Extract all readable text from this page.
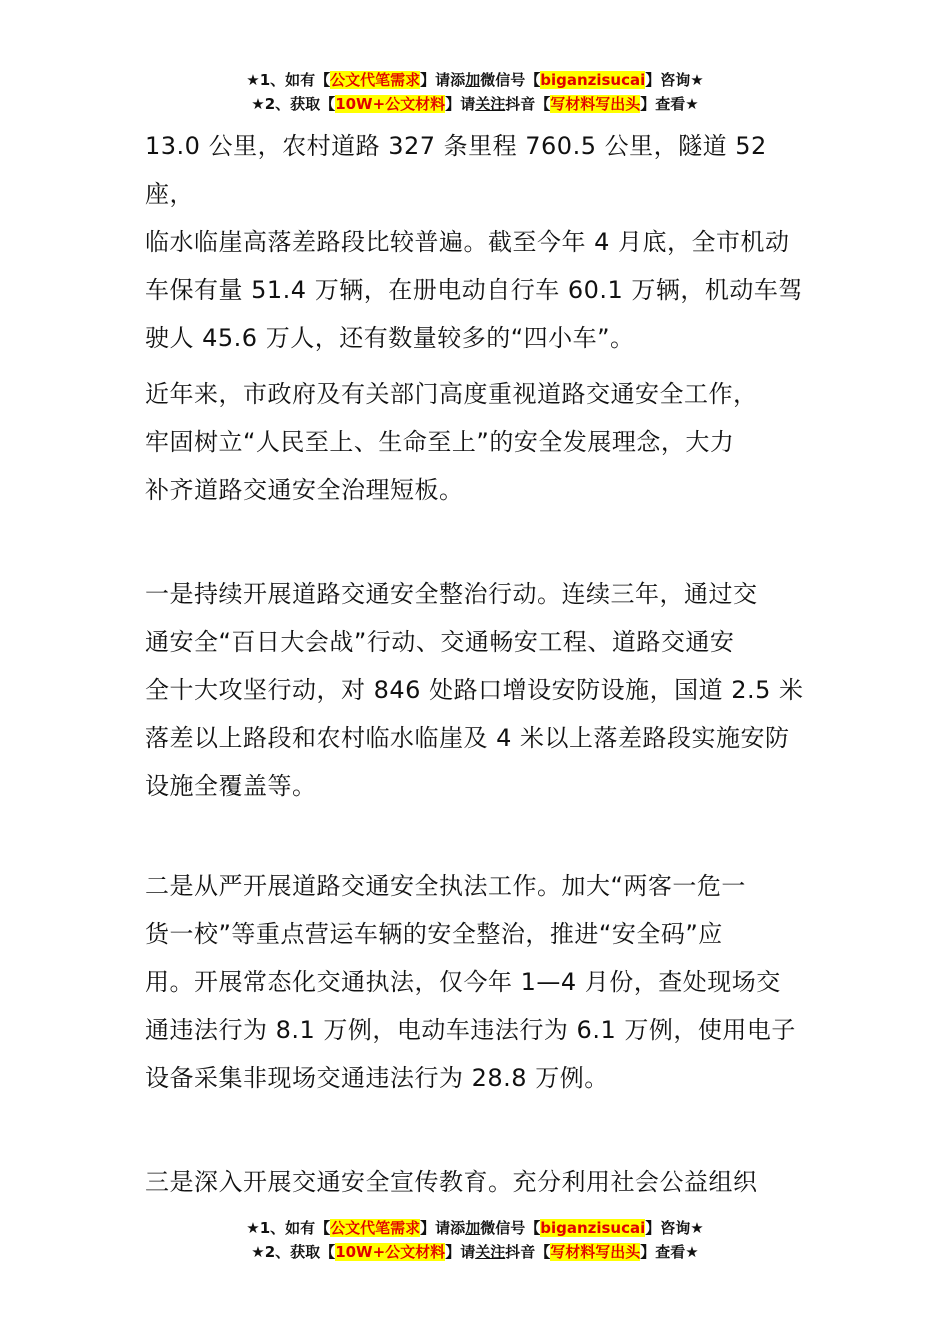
★1、如有【公文代笔需求】请添加微信号【biganzisucai】咨询★
★2、获取【10W+公文材料】请关注抖音【写材料写出头】查看★

13.0 公里，农村道路 327 条里程 760.5 公里，隧道 52 座，

临水临崖高落差路段比较普遍。截至今年 4 月底，全市机动

车保有量 51.4 万辆，在册电动自行车 60.1 万辆，机动车驾

驶人 45.6 万人，还有数量较多的“四小车”。

近年来，市政府及有关部门高度重视道路交通安全工作，

牢固树立“人民至上、生命至上”的安全发展理念，大力

补齐道路交通安全治理短板。

一是持续开展道路交通安全整治行动。连续三年，通过交

通安全“百日大会战”行动、交通畅安工程、道路交通安

全十大攻坚行动，对 846 处路口增设安防设施，国道 2.5 米

落差以上路段和农村临水临崖及 4 米以上落差路段实施安防

设施全覆盖等。

二是从严开展道路交通安全执法工作。加大“两客一危一

货一校”等重点营运车辆的安全整治，推进“安全码”应

用。开展常态化交通执法，仅今年 1—4 月份，查处现场交

通违法行为 8.1 万例，电动车违法行为 6.1 万例，使用电子

设备采集非现场交通违法行为 28.8 万例。

三是深入开展交通安全宣传教育。充分利用社会公益组织

★1、如有【公文代笔需求】请添加微信号【biganzisucai】咨询★
★2、获取【10W+公文材料】请关注抖音【写材料写出头】查看★
